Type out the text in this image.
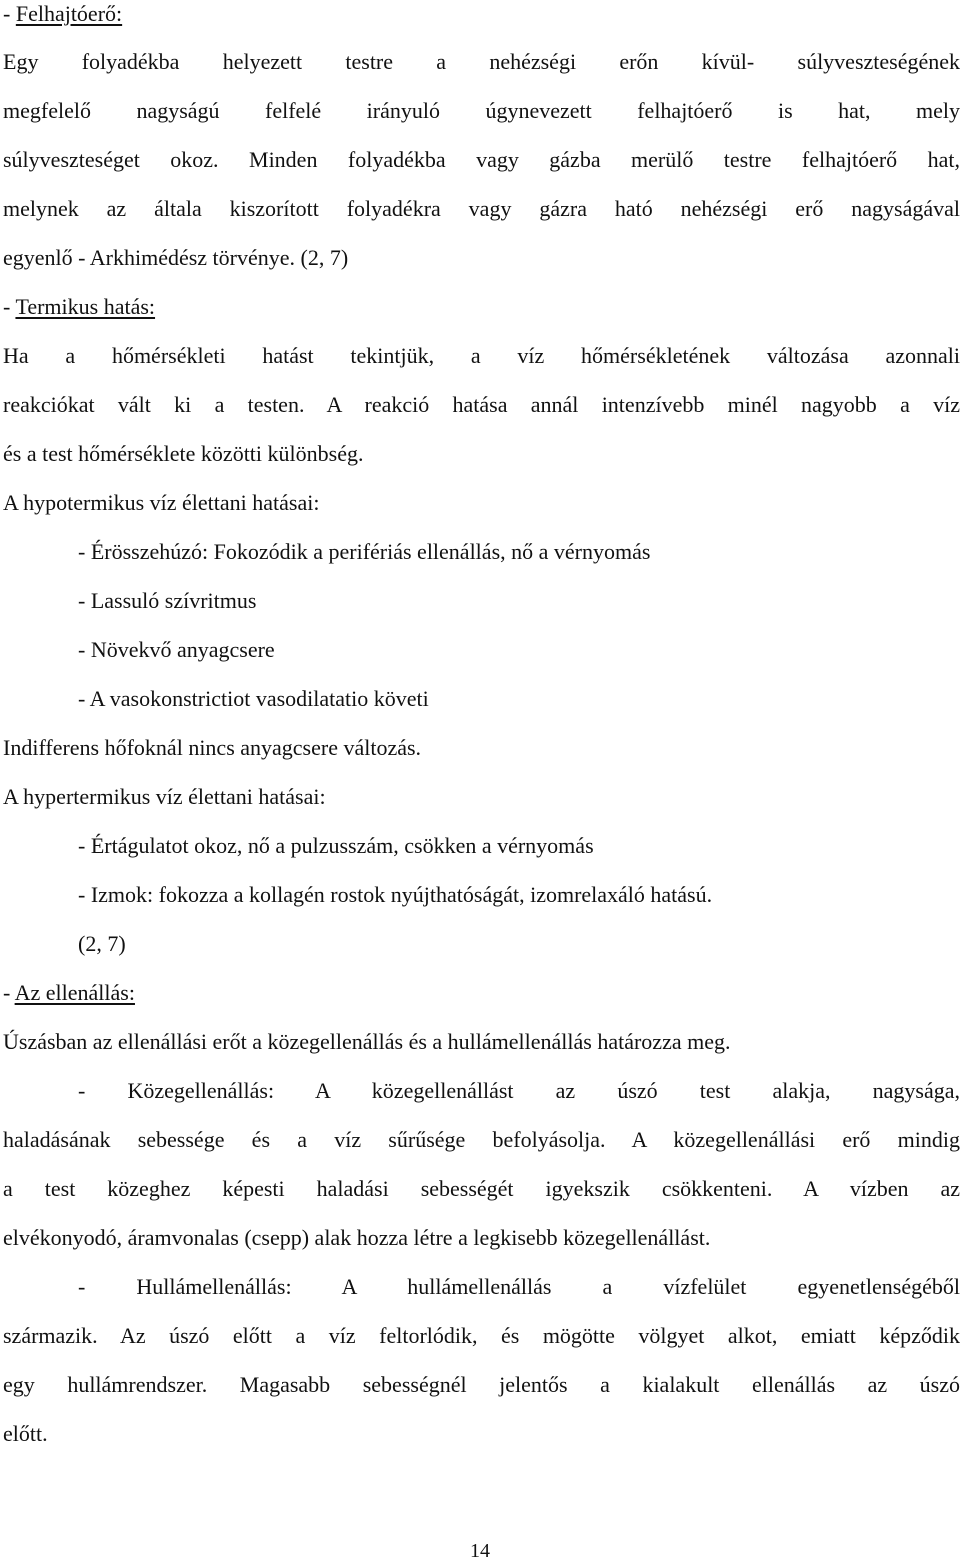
- Felhajtóerő:
Egy folyadékba helyezett testre a nehézségi erőn kívül- súlyveszteségének
megfelelő nagyságú felfelé irányuló úgynevezett felhajtóerő is hat, mely
súlyveszteséget okoz. Minden folyadékba vagy gázba merülő testre felhajtóerő hat,
melynek az általa kiszorított folyadékra vagy gázra ható nehézségi erő nagyságával
egyenlő - Arkhimédész törvénye. (2, 7)
- Termikus hatás:
Ha a hőmérsékleti hatást tekintjük, a víz hőmérsékletének változása azonnali
reakciókat vált ki a testen. A reakció hatása annál intenzívebb minél nagyobb a víz
és a test hőmérséklete közötti különbség.
A hypotermikus víz élettani hatásai:
- Érösszehúzó: Fokozódik a perifériás ellenállás, nő a vérnyomás
- Lassuló szívritmus
- Növekvő anyagcsere
- A vasokonstrictiot vasodilatatio követi
Indifferens hőfoknál nincs anyagcsere változás.
A hypertermikus víz élettani hatásai:
- Értágulatot okoz, nő a pulzusszám, csökken a vérnyomás
- Izmok: fokozza a kollagén rostok nyújthatóságát, izomrelaxáló hatású.
(2, 7)
- Az ellenállás:
Úszásban az ellenállási erőt a közegellenállás és a hullámellenállás határozza meg.
- Közegellenállás: A közegellenállást az úszó test alakja, nagysága,
haladásának sebessége és a víz sűrűsége befolyásolja. A közegellenállási erő mindig
a test közeghez képesti haladási sebességét igyekszik csökkenteni. A vízben az
elvékonyodó, áramvonalas (csepp) alak hozza létre a legkisebb közegellenállást.
- Hullámellenállás: A hullámellenállás a vízfelület egyenetlenségéből
származik. Az úszó előtt a víz feltorlódik, és mögötte völgyet alkot, emiatt képződik
egy hullámrendszer. Magasabb sebességnél jelentős a kialakult ellenállás az úszó
előtt.
14
